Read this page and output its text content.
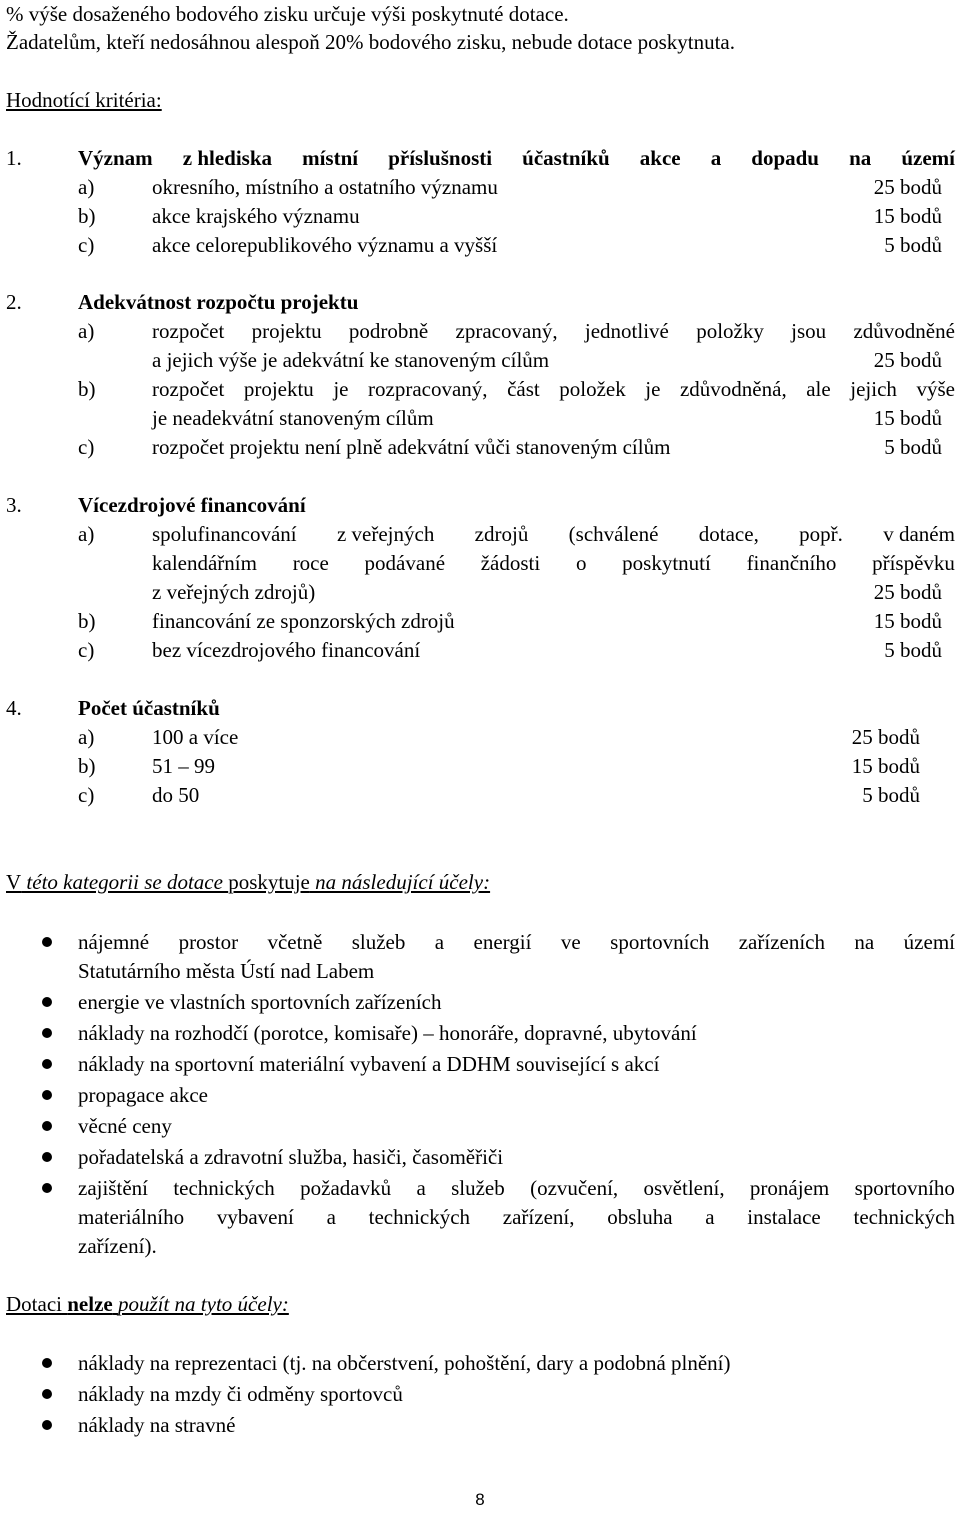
% výše dosaženého bodového zisku určuje výši poskytnuté dotace.
Žadatelům, kteří nedosáhnou alespoň 20% bodového zisku, nebude dotace poskytnuta.
Hodnotící kritéria:
1.	Význam z hlediska místní příslušnosti účastníků akce a dopadu na území
a)	okresního, místního a ostatního významu	25 bodů
b)	akce krajského významu	15 bodů
c)	akce celorepublikového významu a vyšší	5 bodů
2.	Adekvátnost rozpočtu projektu
a)	rozpočet projektu podrobně zpracovaný, jednotlivé položky jsou zdůvodněné
a jejich výše je adekvátní ke stanoveným cílům	25 bodů
b)	rozpočet projektu je rozpracovaný, část položek je zdůvodněná, ale jejich výše
je neadekvátní stanoveným cílům	15 bodů
c)	rozpočet projektu není plně adekvátní vůči stanoveným cílům	5 bodů
3.	Vícezdrojové financování
a)	spolufinancování z veřejných zdrojů (schválené dotace, popř. v daném
kalendářním roce podávané žádosti o poskytnutí finančního příspěvku
z veřejných zdrojů)	25 bodů
b)	financování ze sponzorských zdrojů	15 bodů
c)	bez vícezdrojového financování	5 bodů
4.	Počet účastníků
a)	100 a více	25 bodů
b)	51 – 99	15 bodů
c)	do 50	5 bodů
V této kategorii se dotace poskytuje na následující účely:
nájemné prostor včetně služeb a energií ve sportovních zařízeních na území
Statutárního města Ústí nad Labem
energie ve vlastních sportovních zařízeních
náklady na rozhodčí (porotce, komisaře) – honoráře, dopravné, ubytování
náklady na sportovní materiální vybavení a DDHM související s akcí
propagace akce
věcné ceny
pořadatelská a zdravotní služba, hasiči, časoměřiči
zajištění technických požadavků a služeb (ozvučení, osvětlení, pronájem sportovního
materiálního vybavení a technických zařízení, obsluha a instalace technických
zařízení).
Dotaci nelze použít na tyto účely:
náklady na reprezentaci (tj. na občerstvení, pohoštění, dary a podobná plnění)
náklady na mzdy či odměny sportovců
náklady na stravné
8
